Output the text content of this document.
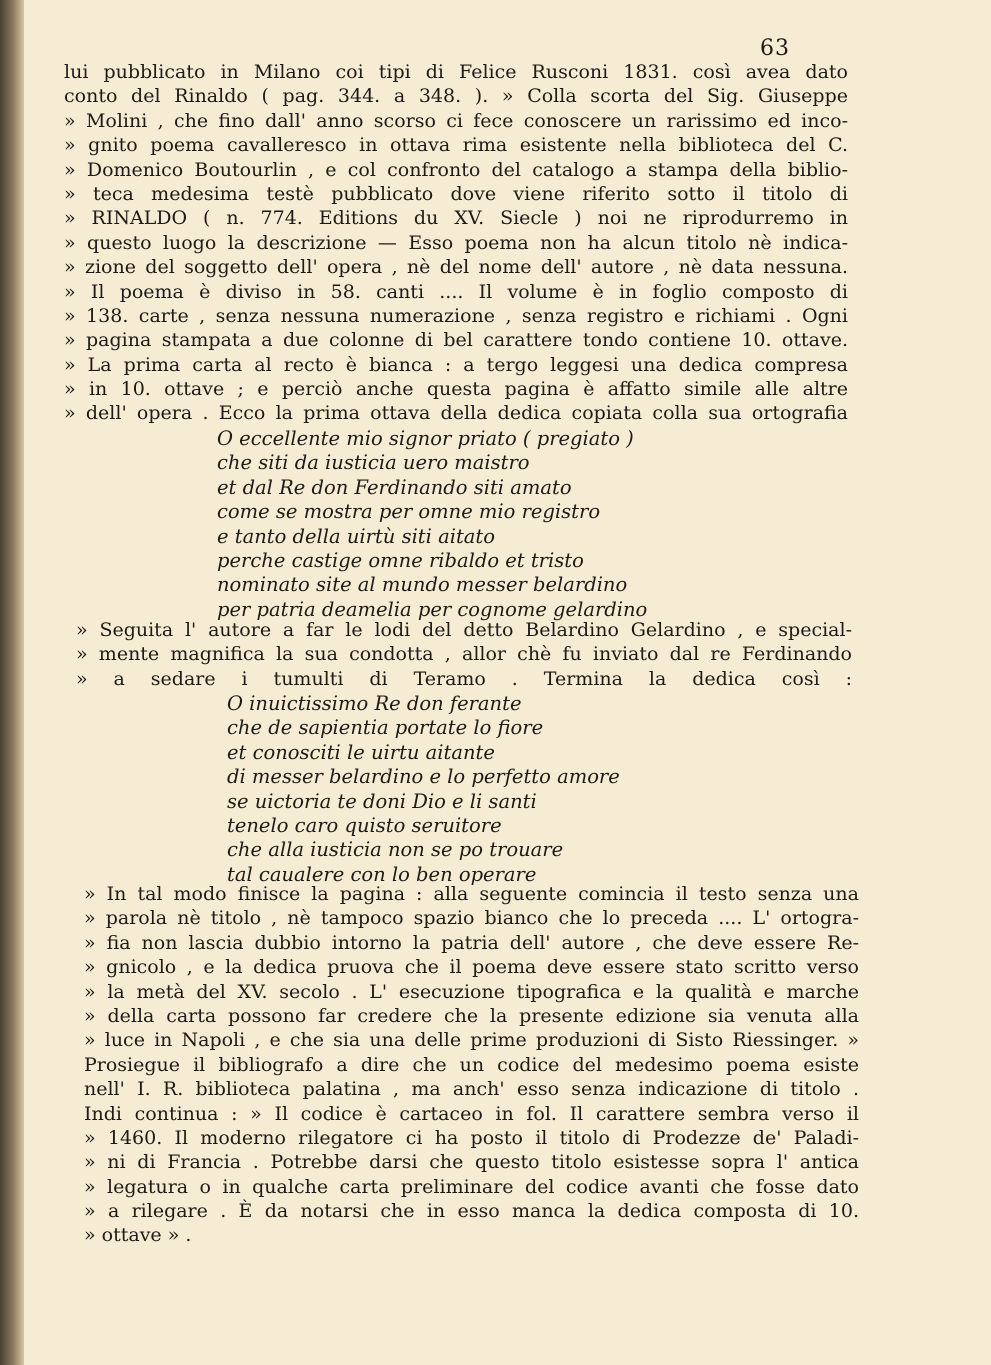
63
lui pubblicato in Milano coi tipi di Felice Rusconi 1831. così avea dato
conto del Rinaldo ( pag. 344. a 348. ). » Colla scorta del Sig. Giuseppe
» Molini , che fino dall' anno scorso ci fece conoscere un rarissimo ed inco-
» gnito poema cavalleresco in ottava rima esistente nella biblioteca del C.
» Domenico Boutourlin , e col confronto del catalogo a stampa della biblio-
» teca medesima testè pubblicato dove viene riferito sotto il titolo di
» RINALDO ( n. 774. Editions du XV. Siecle ) noi ne riprodurremo in
» questo luogo la descrizione — Esso poema non ha alcun titolo nè indica-
» zione del soggetto dell' opera , nè del nome dell' autore , nè data nessuna.
» Il poema è diviso in 58. canti .... Il volume è in foglio composto di
» 138. carte , senza nessuna numerazione , senza registro e richiami . Ogni
» pagina stampata a due colonne di bel carattere tondo contiene 10. ottave.
» La prima carta al recto è bianca : a tergo leggesi una dedica compresa
» in 10. ottave ; e perciò anche questa pagina è affatto simile alle altre
» dell' opera . Ecco la prima ottava della dedica copiata colla sua ortografia
O eccellente mio signor priato ( pregiato )
che siti da iusticia uero maistro
et dal Re don Ferdinando siti amato
come se mostra per omne mio registro
e tanto della uirtù siti aitato
perche castige omne ribaldo et tristo
nominato site al mundo messer belardino
per patria deamelia per cognome gelardino
» Seguita l' autore a far le lodi del detto Belardino Gelardino , e special-
» mente magnifica la sua condotta , allor chè fu inviato dal re Ferdinando
» a sedare i tumulti di Teramo . Termina la dedica così :
O inuictissimo Re don ferante
che de sapientia portate lo fiore
et conosciti le uirtu aitante
di messer belardino e lo perfetto amore
se uictoria te doni Dio e li santi
tenelo caro quisto seruitore
che alla iusticia non se po trouare
tal caualere con lo ben operare
» In tal modo finisce la pagina : alla seguente comincia il testo senza una
» parola nè titolo , nè tampoco spazio bianco che lo preceda .... L' ortogra-
» fia non lascia dubbio intorno la patria dell' autore , che deve essere Re-
» gnicolo , e la dedica pruova che il poema deve essere stato scritto verso
» la metà del XV. secolo . L' esecuzione tipografica e la qualità e marche
» della carta possono far credere che la presente edizione sia venuta alla
» luce in Napoli , e che sia una delle prime produzioni di Sisto Riessinger. »
Prosiegue il bibliografo a dire che un codice del medesimo poema esiste
nell' I. R. biblioteca palatina , ma anch' esso senza indicazione di titolo .
Indi continua : » Il codice è cartaceo in fol. Il carattere sembra verso il
» 1460. Il moderno rilegatore ci ha posto il titolo di Prodezze de' Paladi-
» ni di Francia . Potrebbe darsi che questo titolo esistesse sopra l' antica
» legatura o in qualche carta preliminare del codice avanti che fosse dato
» a rilegare . È da notarsi che in esso manca la dedica composta di 10.
» ottave » .
